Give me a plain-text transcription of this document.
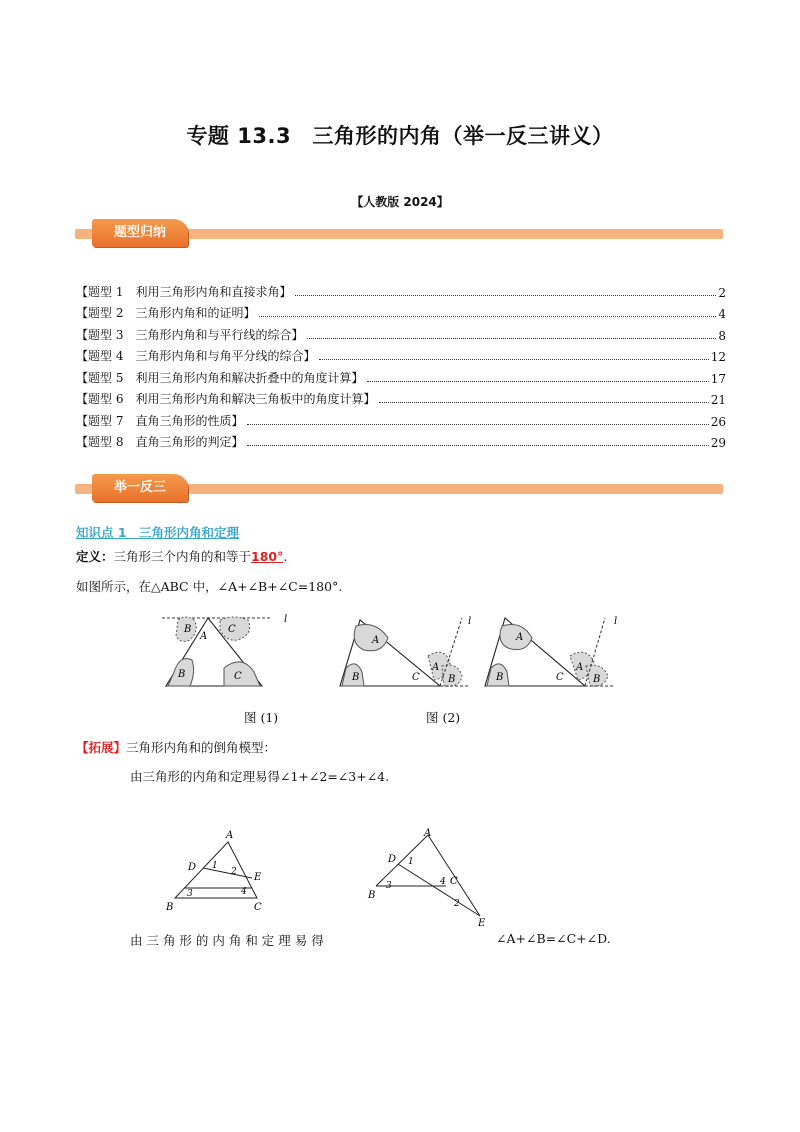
专题 13.3　三角形的内角（举一反三讲义）
【人教版 2024】
题型归纳
【题型 1　利用三角形内角和直接求角】	2
【题型 2　三角形内角和的证明】	4
【题型 3　三角形内角和与平行线的综合】	8
【题型 4　三角形内角和与角平分线的综合】	12
【题型 5　利用三角形内角和解决折叠中的角度计算】	17
【题型 6　利用三角形内角和解决三角板中的角度计算】	21
【题型 7　直角三角形的性质】	26
【题型 8　直角三角形的判定】	29
举一反三
知识点 1　三角形内角和定理
定义：三角形三个内角的和等于180°.
如图所示，在△ABC 中，∠A+∠B+∠C=180°.
A
B	C
B	C
l
A
B	C
A
B
l
A
B	C
A
B
l
图 (1)	图 (2)
【拓展】三角形内角和的倒角模型：
由三角形的内角和定理易得∠1+∠2=∠3+∠4.
A
D
E
B	C
1
2
3	4
A
D
C
B
E
1
4
3
2
由 三 角 形 的 内 角 和 定 理 易 得	∠A+∠B=∠C+∠D.
